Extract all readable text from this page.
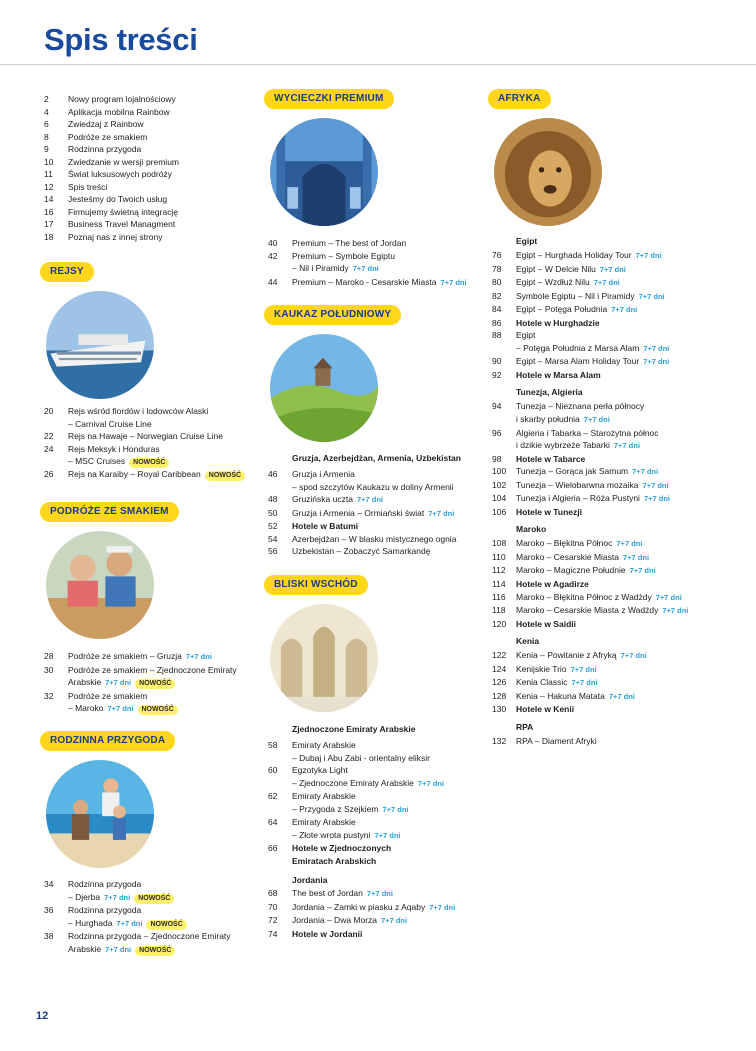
Spis treści
2	Nowy program lojalnościowy
4	Aplikacja mobilna Rainbow
6	Zwiedzaj z Rainbow
8	Podróże ze smakiem
9	Rodzinna przygoda
10	Zwiedzanie w wersji premium
11	Świat luksusowych podróży
12	Spis treści
14	Jesteśmy do Twoich usług
16	Firmujemy świetną integrację
17	Business Travel Managment
18	Poznaj nas z innej strony
REJSY
20	Rejs wśród fiordów i lodowców Alaski
– Carnival Cruise Line
22	Rejs na Hawaje – Norwegian Cruise Line
24	Rejs Meksyk i Honduras
– MSC Cruises NOWOŚĆ
26	Rejs na Karaiby – Royal Caribbean NOWOŚĆ
PODRÓŻE ZE SMAKIEM
28	Podróże ze smakiem – Gruzja 7+7 dni
30	Podróże ze smakiem – Zjednoczone Emiraty
Arabskie 7+7 dni NOWOŚĆ
32	Podróże ze smakiem
– Maroko 7+7 dni NOWOŚĆ
RODZINNA PRZYGODA
34	Rodzinna przygoda
– Djerba 7+7 dni NOWOŚĆ
36	Rodzinna przygoda
– Hurghada 7+7 dni NOWOŚĆ
38	Rodzinna przygoda – Zjednoczone Emiraty
Arabskie 7+7 dni NOWOŚĆ
WYCIECZKI PREMIUM
40	Premium – The best of Jordan
42	Premium – Symbole Egiptu
– Nil i Piramidy 7+7 dni
44	Premium – Maroko - Cesarskie Miasta 7+7 dni
KAUKAZ POŁUDNIOWY
Gruzja, Azerbejdżan, Armenia, Uzbekistan
46	Gruzja i Armenia
– spod szczytów Kaukazu w doliny Armenii
48	Gruzińska uczta 7+7 dni
50	Gruzja i Armenia – Ormiański świat 7+7 dni
52	Hotele w Batumi
54	Azerbejdżan – W blasku mistycznego ognia
56	Uzbekistan – Zobaczyć Samarkandę
BLISKI WSCHÓD
Zjednoczone Emiraty Arabskie
58	Emiraty Arabskie
– Dubaj i Abu Zabi - orientalny eliksir
60	Egzotyka Light
– Zjednoczone Emiraty Arabskie 7+7 dni
62	Emiraty Arabskie
– Przygoda z Szejkiem 7+7 dni
64	Emiraty Arabskie
– Złote wrota pustyni 7+7 dni
66	Hotele w Zjednoczonych
Emiratach Arabskich
Jordania
68	The best of Jordan 7+7 dni
70	Jordania – Zamki w piasku z Aqaby 7+7 dni
72	Jordania – Dwa Morza 7+7 dni
74	Hotele w Jordanii
AFRYKA
Egipt
76	Egipt – Hurghada Holiday Tour 7+7 dni
78	Egipt – W Delcie Nilu 7+7 dni
80	Egipt – Wzdłuż Nilu 7+7 dni
82	Symbole Egiptu – Nil i Piramidy 7+7 dni
84	Egipt – Potęga Południa 7+7 dni
86	Hotele w Hurghadzie
88	Egipt
– Potęga Południa z Marsa Alam 7+7 dni
90	Egipt – Marsa Alam Holiday Tour 7+7 dni
92	Hotele w Marsa Alam
Tunezja, Algieria
94	Tunezja – Nieznana perła północy
i skarby południa 7+7 dni
96	Algieria i Tabarka – Starożytna północ
i dzikie wybrzeże Tabarki 7+7 dni
98	Hotele w Tabarce
100	Tunezja – Gorąca jak Samum 7+7 dni
102	Tunezja – Wielobarwna mozaika 7+7 dni
104	Tunezja i Algieria – Róża Pustyni 7+7 dni
106	Hotele w Tunezji
Maroko
108	Maroko – Błękitna Północ 7+7 dni
110	Maroko – Cesarskie Miasta 7+7 dni
112	Maroko – Magiczne Południe 7+7 dni
114	Hotele w Agadirze
116	Maroko – Błękitna Północ z Wadżdy 7+7 dni
118	Maroko – Cesarskie Miasta z Wadżdy 7+7 dni
120	Hotele w Saidii
Kenia
122	Kenia – Powitanie z Afryką 7+7 dni
124	Kenijskie Trio 7+7 dni
126	Kenia Classic 7+7 dni
128	Kenia – Hakuna Matata 7+7 dni
130	Hotele w Kenii
RPA
132	RPA – Diament Afryki
12
